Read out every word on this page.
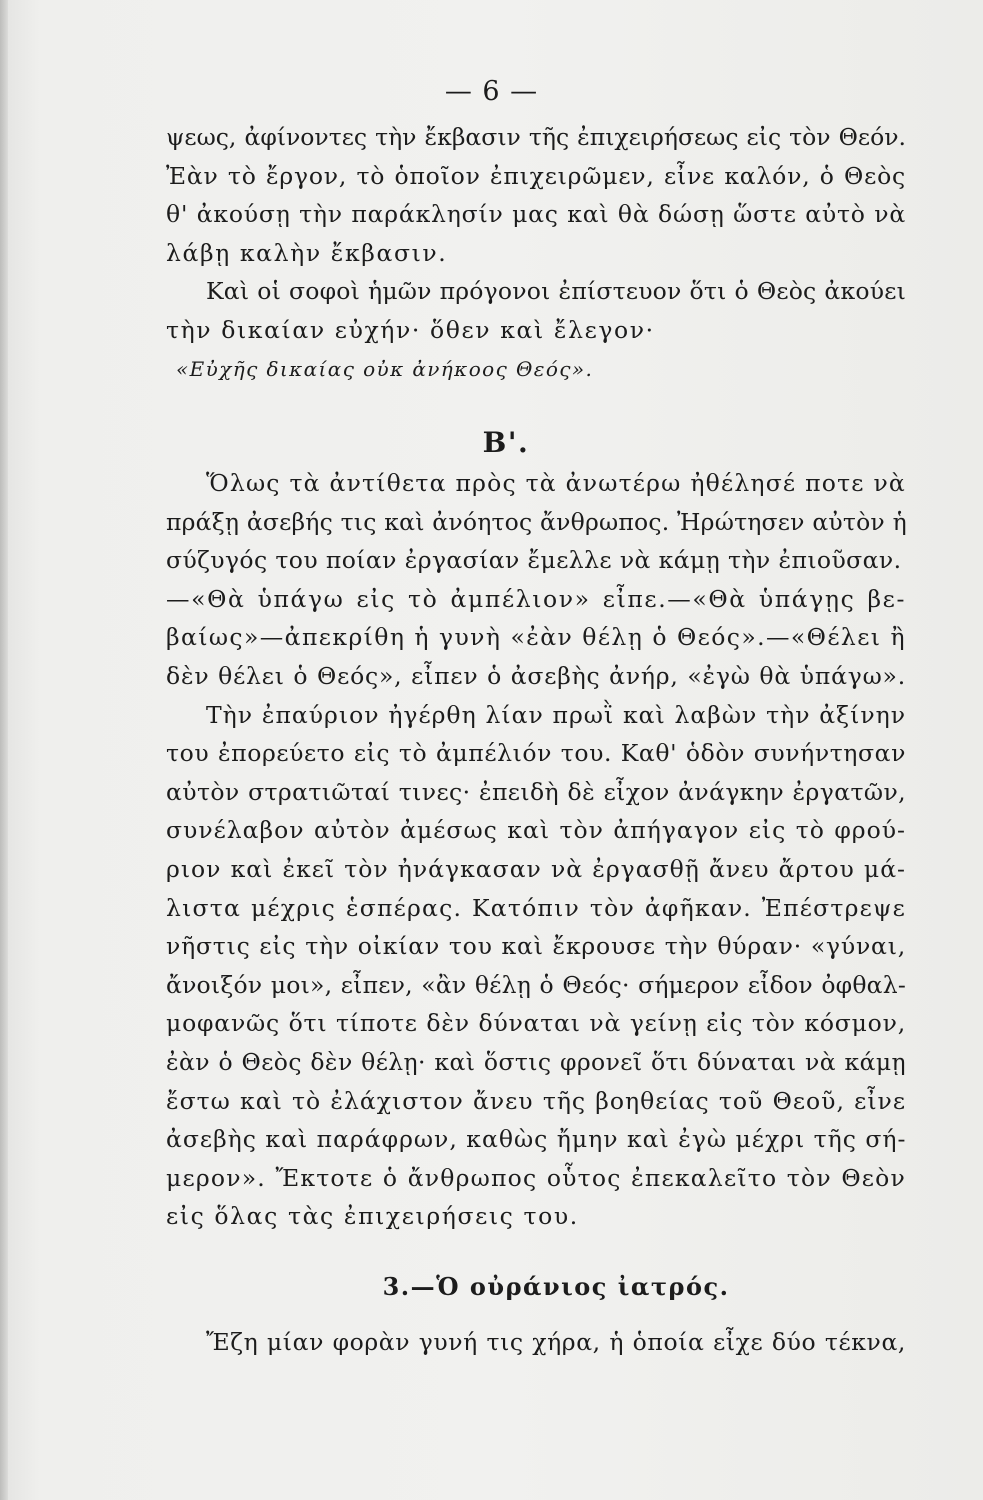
— 6 —
ψεως, ἀφίνοντες τὴν ἔκβασιν τῆς ἐπιχειρήσεως εἰς τὸν Θεόν.
Ἐὰν τὸ ἔργον, τὸ ὁποῖον ἐπιχειρῶμεν, εἶνε καλόν, ὁ Θεὸς
θ' ἀκούσῃ τὴν παράκλησίν μας καὶ θὰ δώσῃ ὥστε αὐτὸ νὰ
λάβῃ καλὴν ἔκβασιν.
Καὶ οἱ σοφοὶ ἡμῶν πρόγονοι ἐπίστευον ὅτι ὁ Θεὸς ἀκούει
τὴν δικαίαν εὐχήν· ὅθεν καὶ ἔλεγον·
«Εὐχῆς δικαίας οὐκ ἀνήκοος Θεός».
Β'.
Ὅλως τὰ ἀντίθετα πρὸς τὰ ἀνωτέρω ἠθέλησέ ποτε νὰ
πράξῃ ἀσεβής τις καὶ ἀνόητος ἄνθρωπος. Ἠρώτησεν αὐτὸν ἡ
σύζυγός του ποίαν ἐργασίαν ἔμελλε νὰ κάμῃ τὴν ἐπιοῦσαν.
—«Θὰ ὑπάγω εἰς τὸ ἀμπέλιον» εἶπε.—«Θὰ ὑπάγῃς βε-
βαίως»—ἀπεκρίθη ἡ γυνὴ «ἐὰν θέλῃ ὁ Θεός».—«Θέλει ἢ
δὲν θέλει ὁ Θεός», εἶπεν ὁ ἀσεβὴς ἀνήρ, «ἐγὼ θὰ ὑπάγω».
Τὴν ἐπαύριον ἠγέρθη λίαν πρωῒ καὶ λαβὼν τὴν ἀξίνην
του ἐπορεύετο εἰς τὸ ἀμπέλιόν του. Καθ' ὁδὸν συνήντησαν
αὐτὸν στρατιῶταί τινες· ἐπειδὴ δὲ εἶχον ἀνάγκην ἐργατῶν,
συνέλαβον αὐτὸν ἀμέσως καὶ τὸν ἀπήγαγον εἰς τὸ φρού-
ριον καὶ ἐκεῖ τὸν ἠνάγκασαν νὰ ἐργασθῇ ἄνευ ἄρτου μά-
λιστα μέχρις ἑσπέρας. Κατόπιν τὸν ἀφῆκαν. Ἐπέστρεψε
νῆστις εἰς τὴν οἰκίαν του καὶ ἔκρουσε τὴν θύραν· «γύναι,
ἄνοιξόν μοι», εἶπεν, «ἂν θέλῃ ὁ Θεός· σήμερον εἶδον ὀφθαλ-
μοφανῶς ὅτι τίποτε δὲν δύναται νὰ γείνῃ εἰς τὸν κόσμον,
ἐὰν ὁ Θεὸς δὲν θέλῃ· καὶ ὅστις φρονεῖ ὅτι δύναται νὰ κάμῃ
ἔστω καὶ τὸ ἐλάχιστον ἄνευ τῆς βοηθείας τοῦ Θεοῦ, εἶνε
ἀσεβὴς καὶ παράφρων, καθὼς ἤμην καὶ ἐγὼ μέχρι τῆς σή-
μερον». Ἔκτοτε ὁ ἄνθρωπος οὗτος ἐπεκαλεῖτο τὸν Θεὸν
εἰς ὅλας τὰς ἐπιχειρήσεις του.
3.—Ὁ οὐράνιος ἰατρός.
Ἔζη μίαν φορὰν γυνή τις χήρα, ἡ ὁποία εἶχε δύο τέκνα,
